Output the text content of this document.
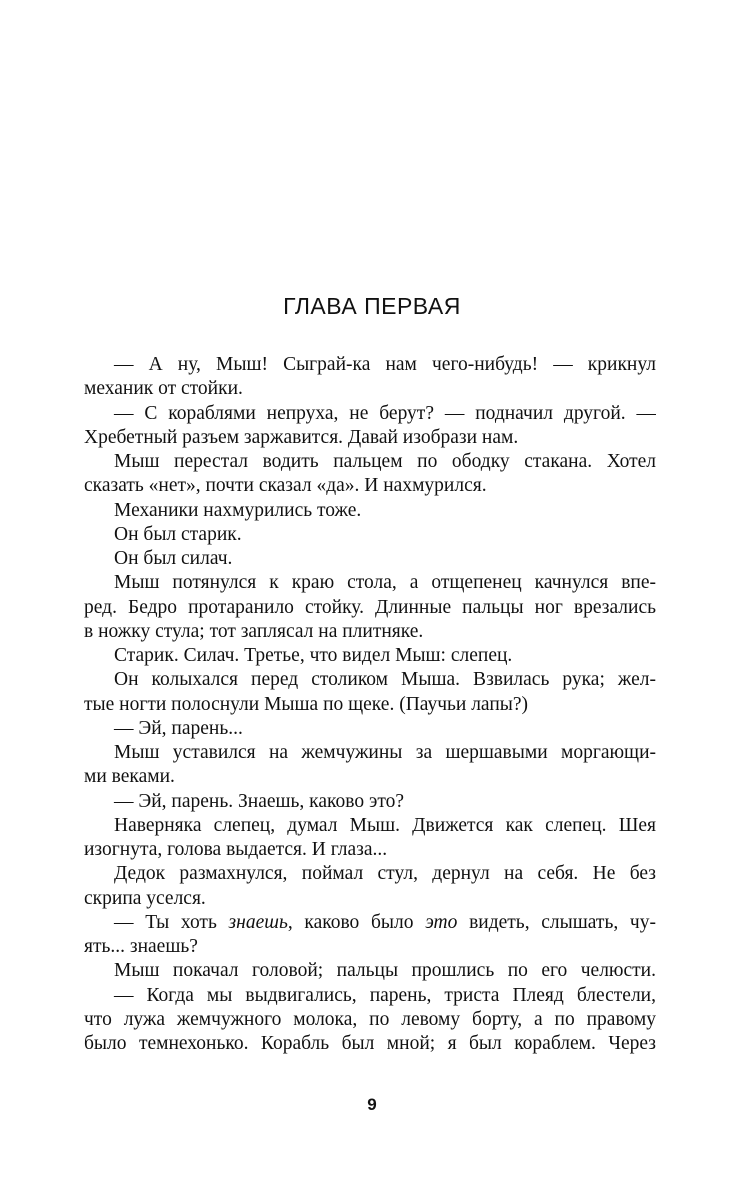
ГЛАВА ПЕРВАЯ
— А ну, Мыш! Сыграй-ка нам чего-нибудь! — крикнул
механик от стойки.
— С кораблями непруха, не берут? — подначил другой. —
Хребетный разъем заржавится. Давай изобрази нам.
Мыш перестал водить пальцем по ободку стакана. Хотел
сказать «нет», почти сказал «да». И нахмурился.
Механики нахмурились тоже.
Он был старик.
Он был силач.
Мыш потянулся к краю стола, а отщепенец качнулся впе-
ред. Бедро протаранило стойку. Длинные пальцы ног врезались
в ножку стула; тот заплясал на плитняке.
Старик. Силач. Третье, что видел Мыш: слепец.
Он колыхался перед столиком Мыша. Взвилась рука; жел-
тые ногти полоснули Мыша по щеке. (Паучьи лапы?)
— Эй, парень...
Мыш уставился на жемчужины за шершавыми моргающи-
ми веками.
— Эй, парень. Знаешь, каково это?
Наверняка слепец, думал Мыш. Движется как слепец. Шея
изогнута, голова выдается. И глаза...
Дедок размахнулся, поймал стул, дернул на себя. Не без
скрипа уселся.
— Ты хоть знаешь, каково было это видеть, слышать, чу-
ять... знаешь?
Мыш покачал головой; пальцы прошлись по его челюсти.
— Когда мы выдвигались, парень, триста Плеяд блестели,
что лужа жемчужного молока, по левому борту, а по правому
было темнехонько. Корабль был мной; я был кораблем. Через
9
